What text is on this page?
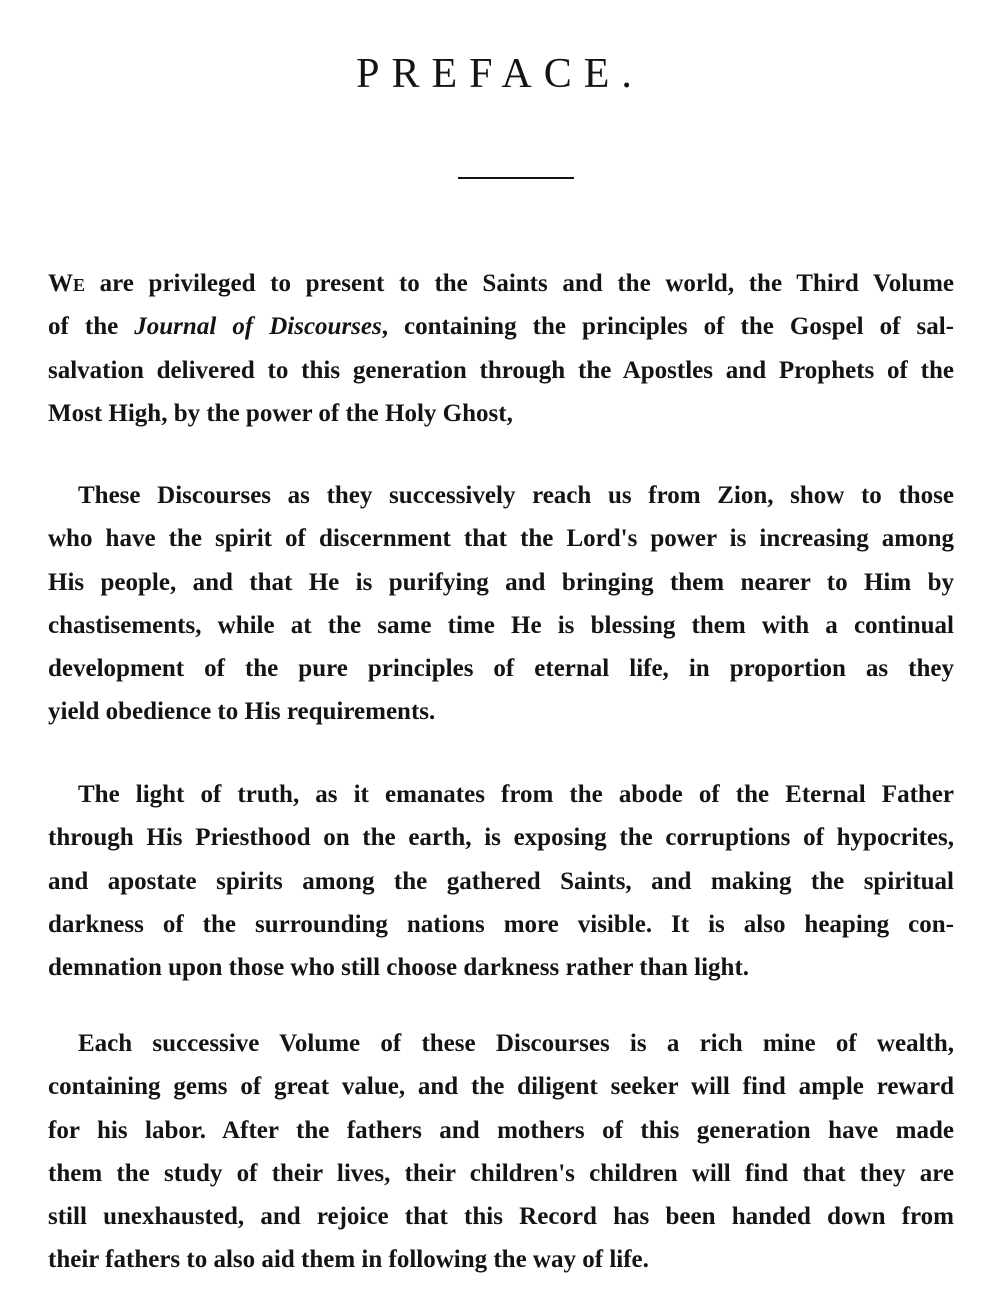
PREFACE.

We are privileged to present to the Saints and the world, the Third Volume
of the Journal of Discourses, containing the principles of the Gospel of sal-
salvation delivered to this generation through the Apostles and Prophets of the
Most High, by the power of the Holy Ghost,

These Discourses as they successively reach us from Zion, show to those
who have the spirit of discernment that the Lord's power is increasing among
His people, and that He is purifying and bringing them nearer to Him by
chastisements, while at the same time He is blessing them with a continual
development of the pure principles of eternal life, in proportion as they
yield obedience to His requirements.

The light of truth, as it emanates from the abode of the Eternal Father
through His Priesthood on the earth, is exposing the corruptions of hypocrites,
and apostate spirits among the gathered Saints, and making the spiritual
darkness of the surrounding nations more visible. It is also heaping con-
demnation upon those who still choose darkness rather than light.

Each successive Volume of these Discourses is a rich mine of wealth,
containing gems of great value, and the diligent seeker will find ample reward
for his labor. After the fathers and mothers of this generation have made
them the study of their lives, their children's children will find that they are
still unexhausted, and rejoice that this Record has been handed down from
their fathers to also aid them in following the way of life.
